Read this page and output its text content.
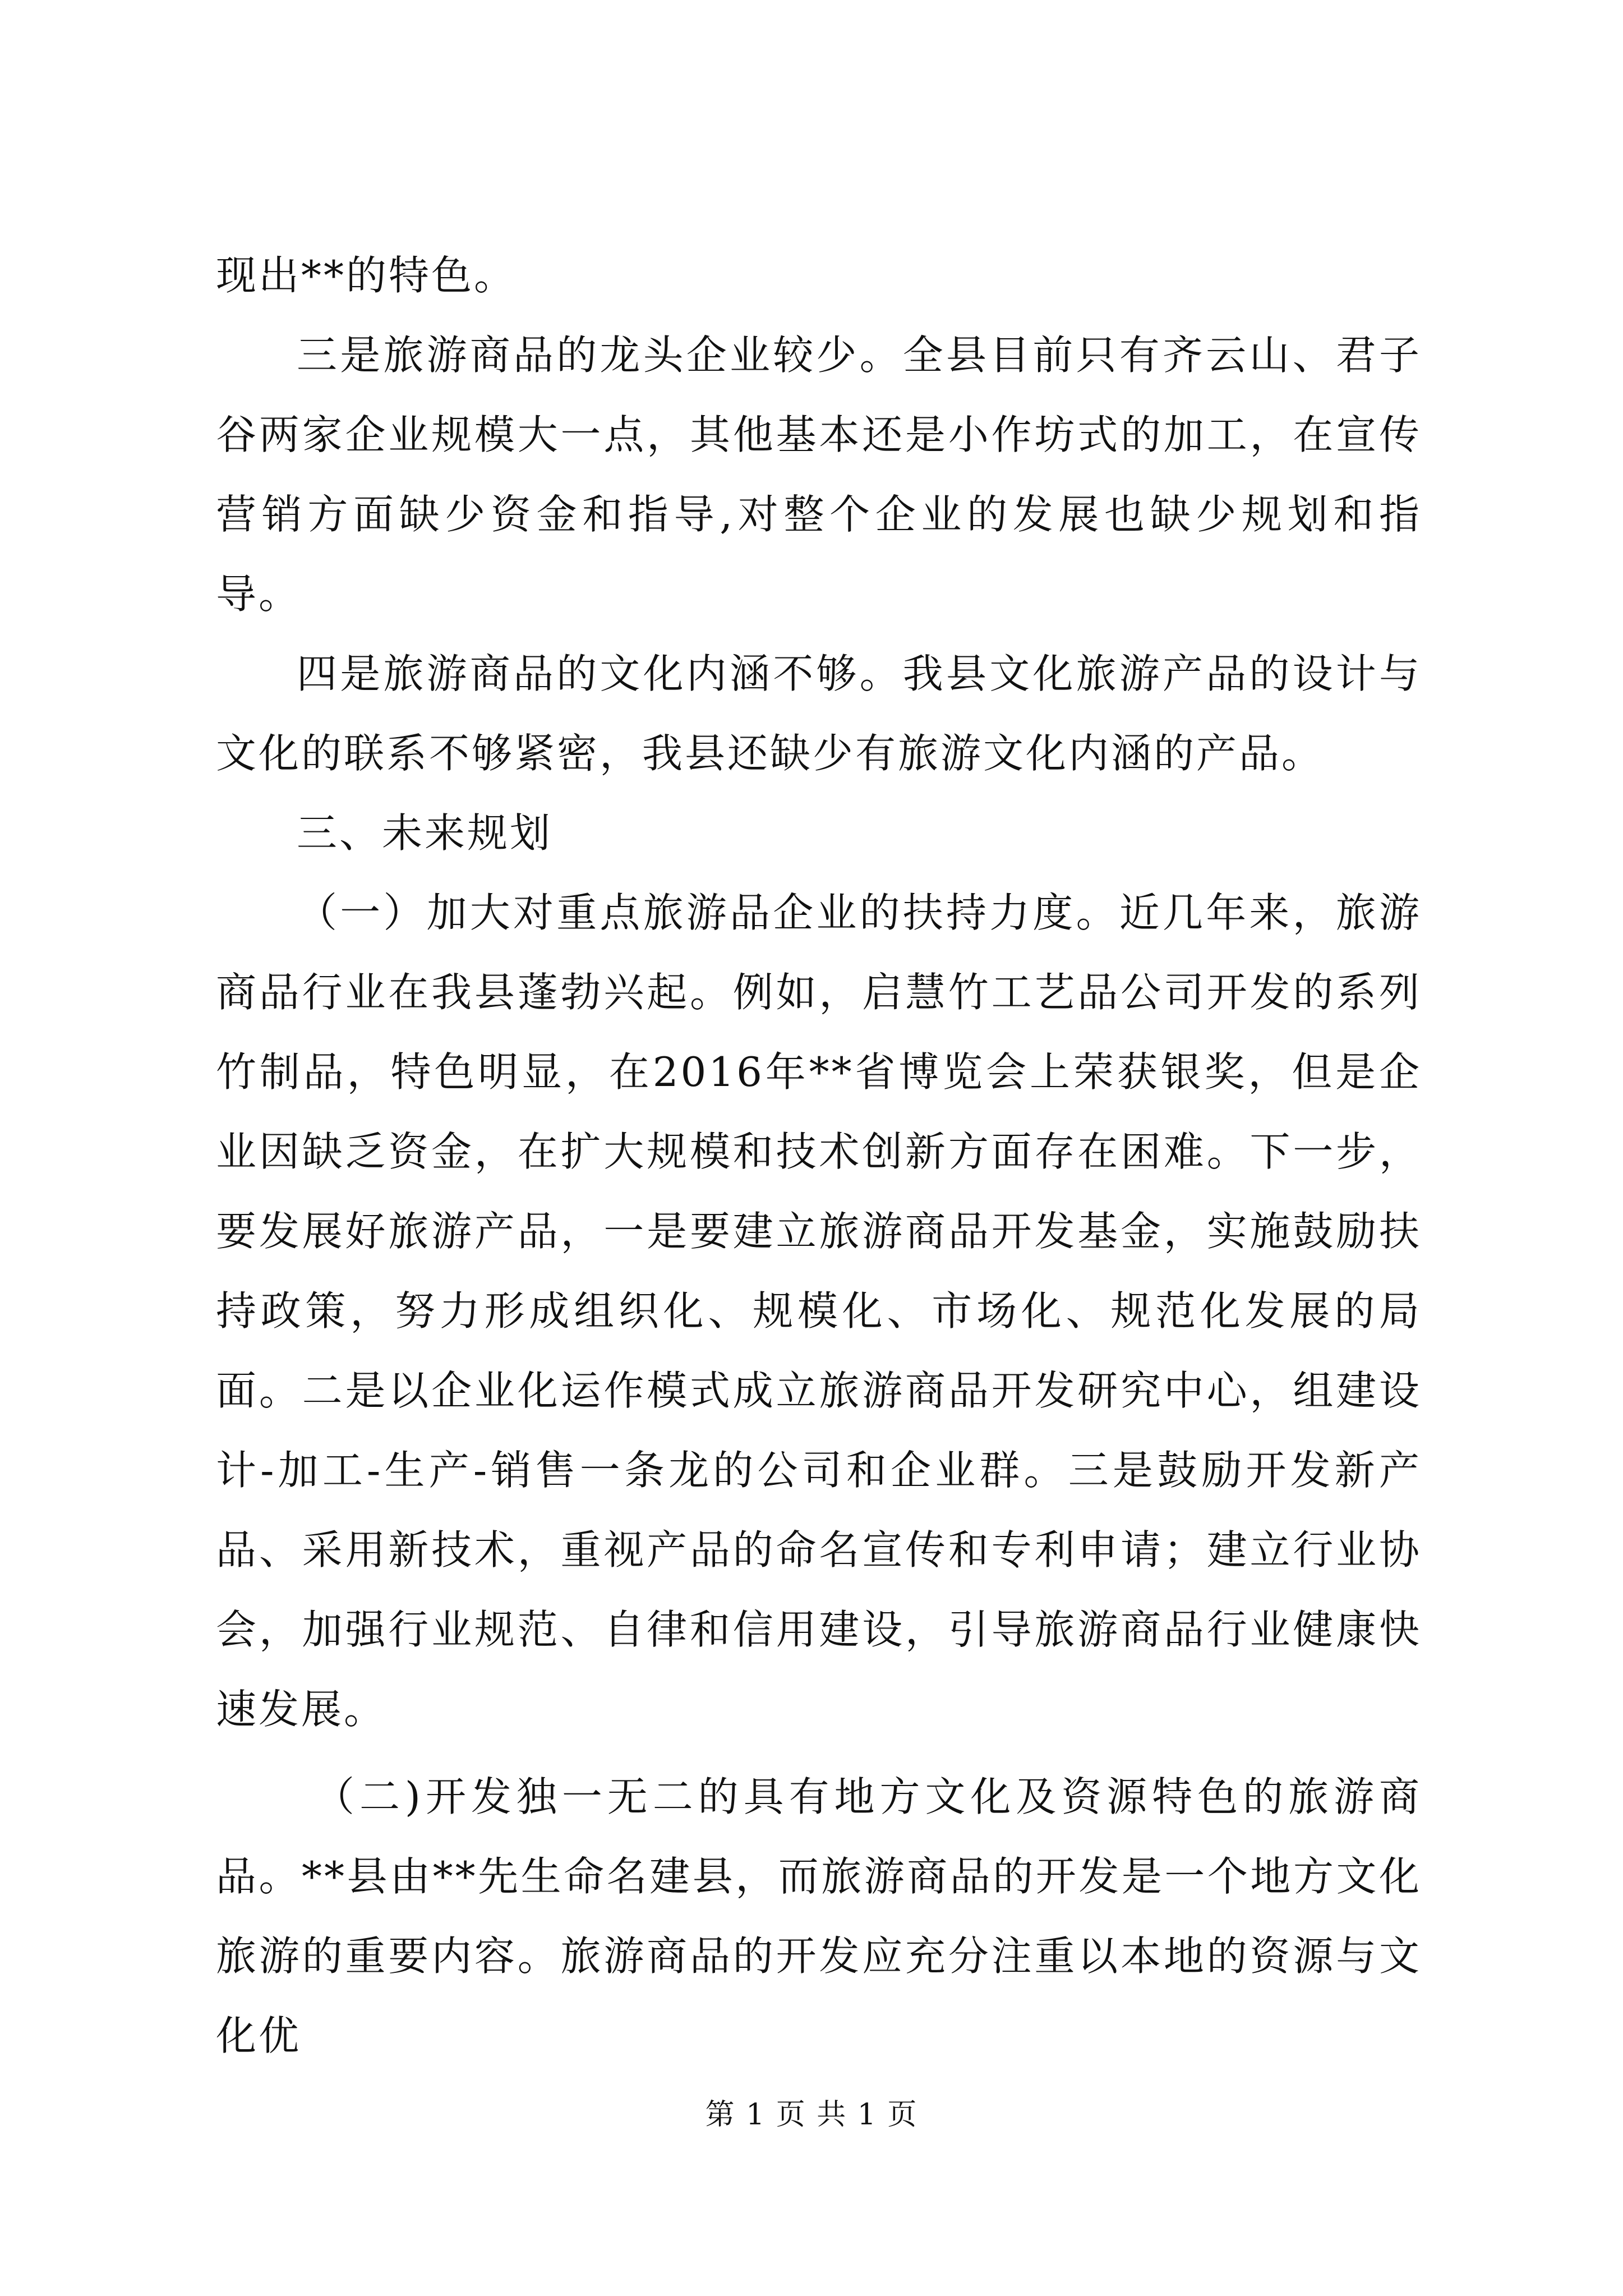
现出**的特色。

三是旅游商品的龙头企业较少。全县目前只有齐云山、君子谷两家企业规模大一点，其他基本还是小作坊式的加工，在宣传营销方面缺少资金和指导,对整个企业的发展也缺少规划和指导。

四是旅游商品的文化内涵不够。我县文化旅游产品的设计与文化的联系不够紧密，我县还缺少有旅游文化内涵的产品。

三、未来规划

（一）加大对重点旅游品企业的扶持力度。近几年来，旅游商品行业在我县蓬勃兴起。例如，启慧竹工艺品公司开发的系列竹制品，特色明显，在2016年**省博览会上荣获银奖，但是企业因缺乏资金，在扩大规模和技术创新方面存在困难。下一步，要发展好旅游产品，一是要建立旅游商品开发基金，实施鼓励扶持政策，努力形成组织化、规模化、市场化、规范化发展的局面。二是以企业化运作模式成立旅游商品开发研究中心，组建设计-加工-生产-销售一条龙的公司和企业群。三是鼓励开发新产品、采用新技术，重视产品的命名宣传和专利申请；建立行业协会，加强行业规范、自律和信用建设，引导旅游商品行业健康快速发展。

（二)开发独一无二的具有地方文化及资源特色的旅游商品。**县由**先生命名建县，而旅游商品的开发是一个地方文化旅游的重要内容。旅游商品的开发应充分注重以本地的资源与文化优

第 1 页 共 1 页
